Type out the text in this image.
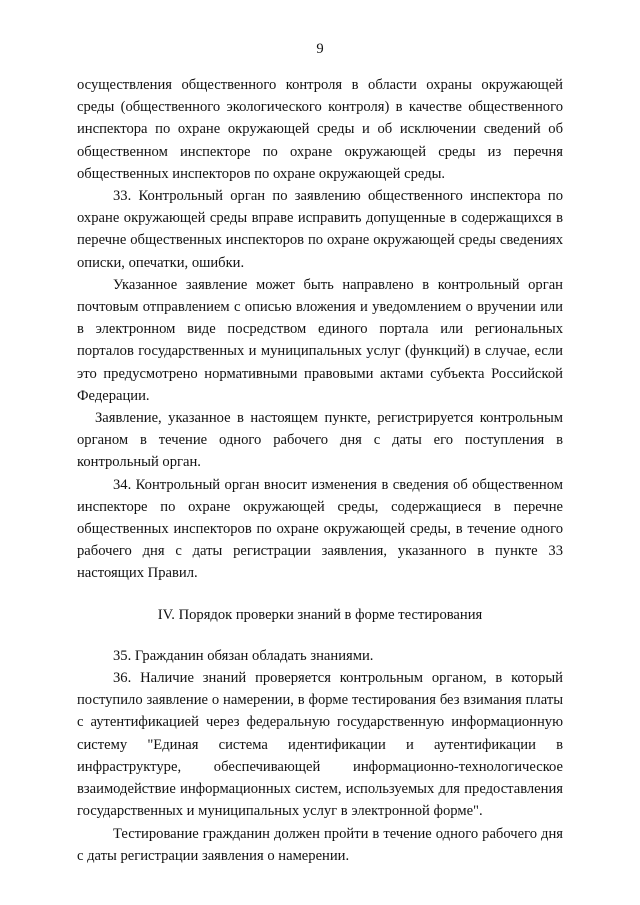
9

осуществления общественного контроля в области охраны окружающей среды (общественного экологического контроля) в качестве общественного инспектора по охране окружающей среды и об исключении сведений об общественном инспекторе по охране окружающей среды из перечня общественных инспекторов по охране окружающей среды.

33. Контрольный орган по заявлению общественного инспектора по охране окружающей среды вправе исправить допущенные в содержащихся в перечне общественных инспекторов по охране окружающей среды сведениях описки, опечатки, ошибки.

Указанное заявление может быть направлено в контрольный орган почтовым отправлением с описью вложения и уведомлением о вручении или в электронном виде посредством единого портала или региональных порталов государственных и муниципальных услуг (функций) в случае, если это предусмотрено нормативными правовыми актами субъекта Российской Федерации.

Заявление, указанное в настоящем пункте, регистрируется контрольным органом в течение одного рабочего дня с даты его поступления в контрольный орган.

34. Контрольный орган вносит изменения в сведения об общественном инспекторе по охране окружающей среды, содержащиеся в перечне общественных инспекторов по охране окружающей среды, в течение одного рабочего дня с даты регистрации заявления, указанного в пункте 33 настоящих Правил.

IV. Порядок проверки знаний в форме тестирования

35. Гражданин обязан обладать знаниями.

36. Наличие знаний проверяется контрольным органом, в который поступило заявление о намерении, в форме тестирования без взимания платы с аутентификацией через федеральную государственную информационную систему "Единая система идентификации и аутентификации в инфраструктуре, обеспечивающей информационно-технологическое взаимодействие информационных систем, используемых для предоставления государственных и муниципальных услуг в электронной форме".

Тестирование гражданин должен пройти в течение одного рабочего дня с даты регистрации заявления о намерении.
